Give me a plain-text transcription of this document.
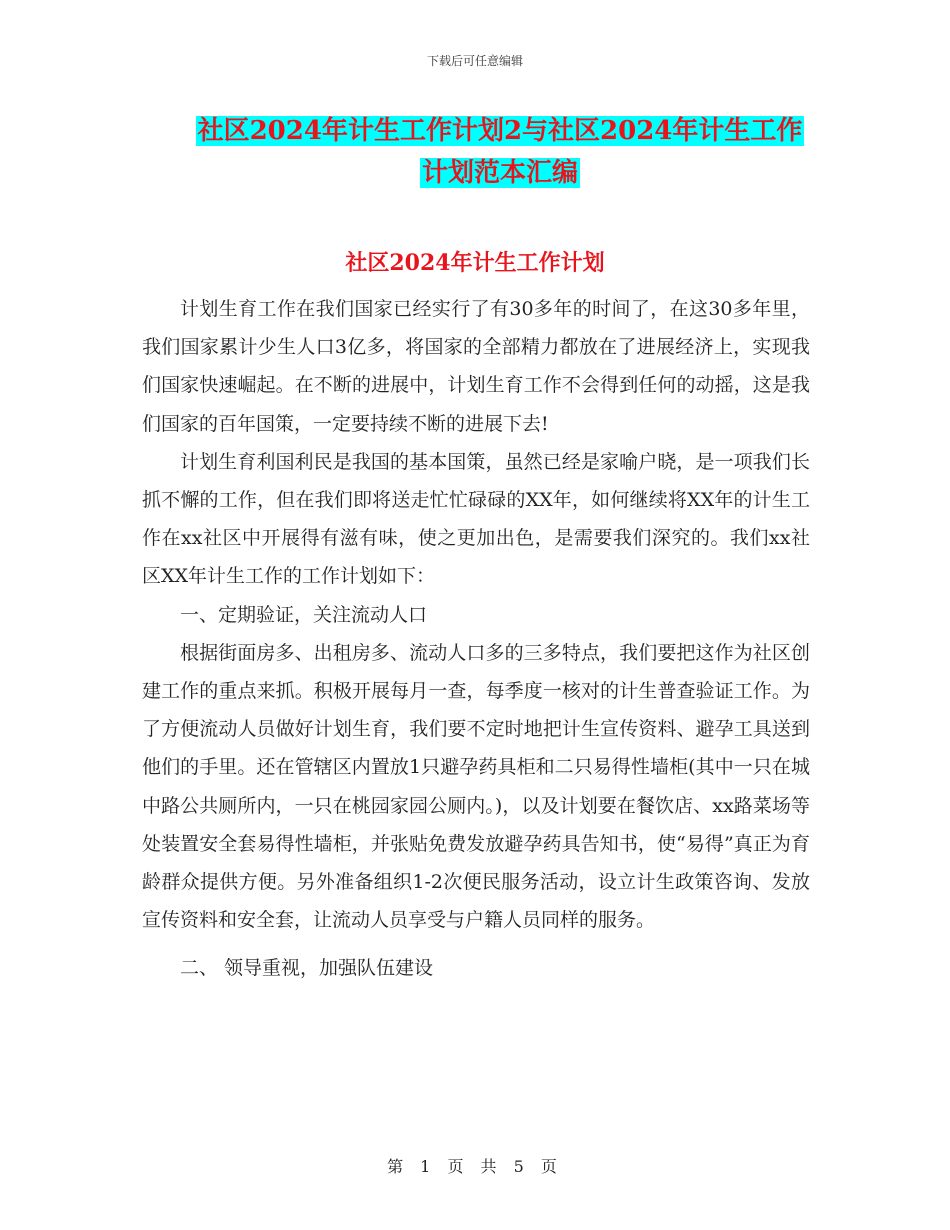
下载后可任意编辑
社区2024年计生工作计划2与社区2024年计生工作
计划范本汇编
社区2024年计生工作计划

计划生育工作在我们国家已经实行了有30多年的时间了，在这30多年里，我们国家累计少生人口3亿多，将国家的全部精力都放在了进展经济上，实现我们国家快速崛起。在不断的进展中，计划生育工作不会得到任何的动摇，这是我们国家的百年国策，一定要持续不断的进展下去!

计划生育利国利民是我国的基本国策，虽然已经是家喻户晓，是一项我们长抓不懈的工作，但在我们即将送走忙忙碌碌的XX年，如何继续将XX年的计生工作在xx社区中开展得有滋有味，使之更加出色，是需要我们深究的。我们xx社区XX年计生工作的工作计划如下：

一、定期验证，关注流动人口

根据街面房多、出租房多、流动人口多的三多特点，我们要把这作为社区创建工作的重点来抓。积极开展每月一查，每季度一核对的计生普查验证工作。为了方便流动人员做好计划生育，我们要不定时地把计生宣传资料、避孕工具送到他们的手里。还在管辖区内置放1只避孕药具柜和二只易得性墙柜(其中一只在城中路公共厕所内，一只在桃园家园公厕内。)，以及计划要在餐饮店、xx路菜场等处装置安全套易得性墙柜，并张贴免费发放避孕药具告知书，使“易得”真正为育龄群众提供方便。另外准备组织1-2次便民服务活动，设立计生政策咨询、发放宣传资料和安全套，让流动人员享受与户籍人员同样的服务。

二、 领导重视，加强队伍建设

第 1 页 共 5 页
